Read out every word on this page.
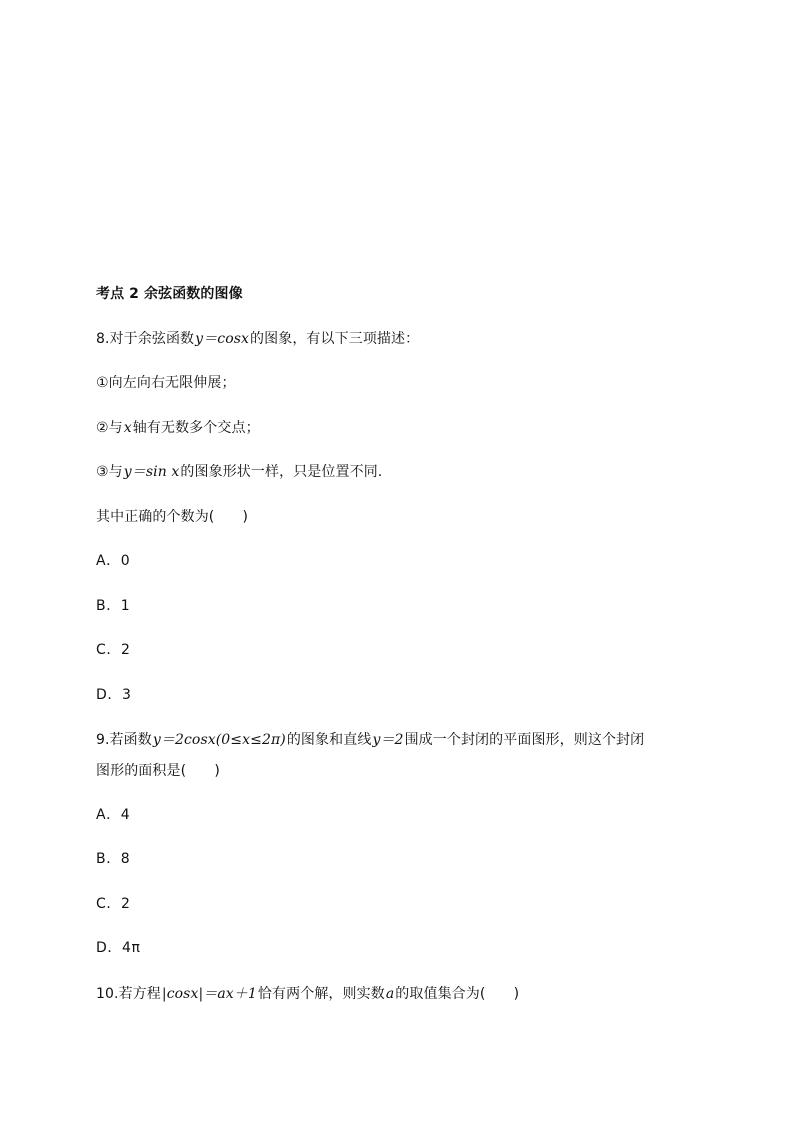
考点 2 余弦函数的图像
8.对于余弦函数y＝cosx的图象，有以下三项描述：
①向左向右无限伸展；
②与x轴有无数多个交点；
③与y＝sin x的图象形状一样，只是位置不同.
其中正确的个数为(　　)
A．0
B．1
C．2
D．3
9.若函数y＝2cosx(0≤x≤2π)的图象和直线y＝2围成一个封闭的平面图形，则这个封闭
图形的面积是(　　)
A．4
B．8
C．2
D．4π
10.若方程|cosx|＝ax＋1恰有两个解，则实数a的取值集合为(　　)
